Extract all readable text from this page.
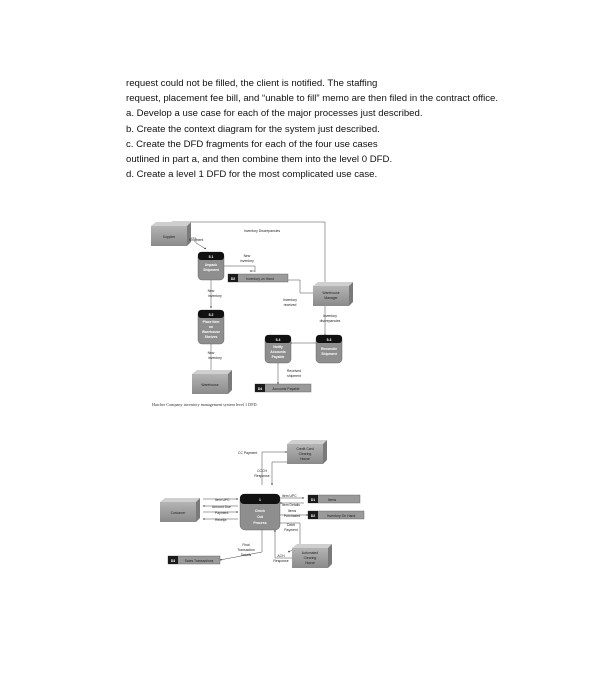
request could not be filled, the client is notified. The staffing

request, placement fee bill, and “unable to fill” memo are then filed in the contract office.

a. Develop a use case for each of the major processes just described.

b. Create the context diagram for the system just described.

c. Create the DFD fragments for each of the four use cases

outlined in part a, and then combine them into the level 0 DFD.

d. Create a level 1 DFD for the most complicated use case.

Supplier
Shipment
Inventory Discrepancies
5.1
Unpack
Shipment
New
inventory
D2	Inventory on Hand
New
inventory
Inventory
received
Warehouse
Manager
Inventory
discrepancies
5.2
Place Item
on
Warehouse
Shelves
5.4
Notify
Accounts
Payable
5.3
Reconcile
Shipment
New
inventory
Received
shipment
Warehouse
D4	Accounts Payable
Hatcher Company inventory management system level 1 DFD.
Credit Card
Clearing
House
CC Payment
CCCH
Response
Customer
Item UPC
Amount Due
Payment
Receipt
1
Check
Out
Process
Item UPC
Item Details
D1	Items
Items
Purchased	D2	Inventory On Hand
Debit
Payment
Final
Transaction
Details
D3	Sales Transactions
ACH
Response
Automated
Clearing
House
